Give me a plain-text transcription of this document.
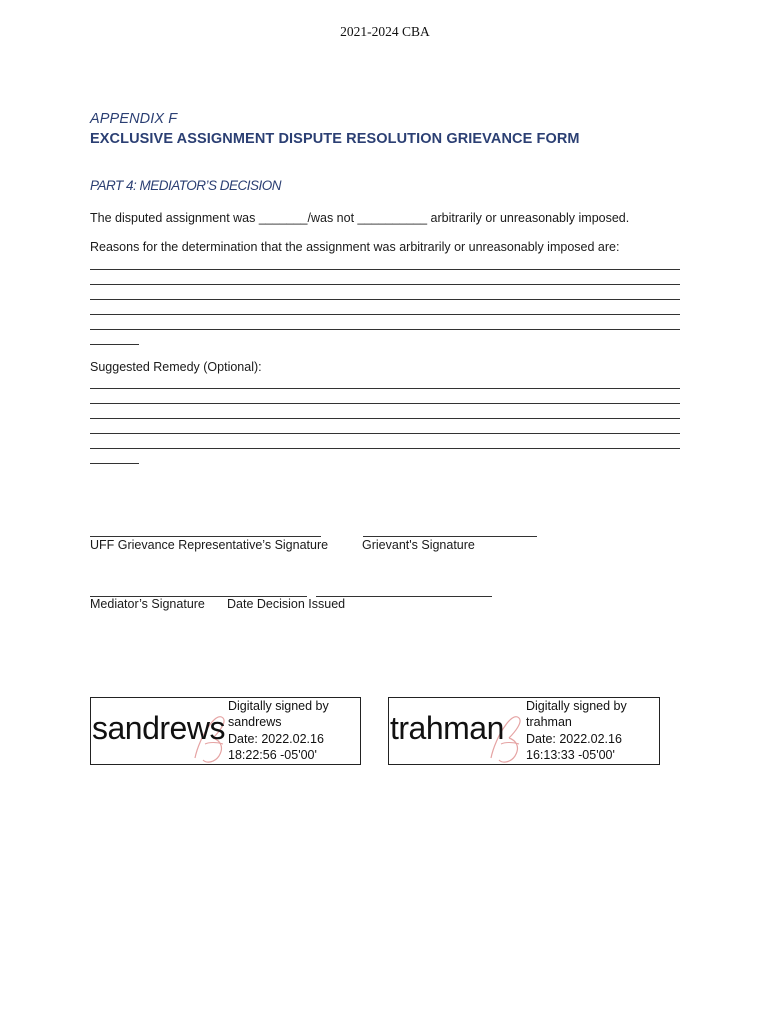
2021-2024 CBA
APPENDIX F
EXCLUSIVE ASSIGNMENT DISPUTE RESOLUTION GRIEVANCE FORM
PART 4: MEDIATOR’S DECISION
The disputed assignment was _______/was not __________ arbitrarily or unreasonably imposed.
Reasons for the determination that the assignment was arbitrarily or unreasonably imposed are:
Suggested Remedy (Optional):
UFF Grievance Representative’s Signature	Grievant's Signature
Mediator’s Signature Date Decision Issued
sandrews
Digitally signed by
sandrews
Date: 2022.02.16
18:22:56 -05'00'
trahman
Digitally signed by
trahman
Date: 2022.02.16
16:13:33 -05'00'
